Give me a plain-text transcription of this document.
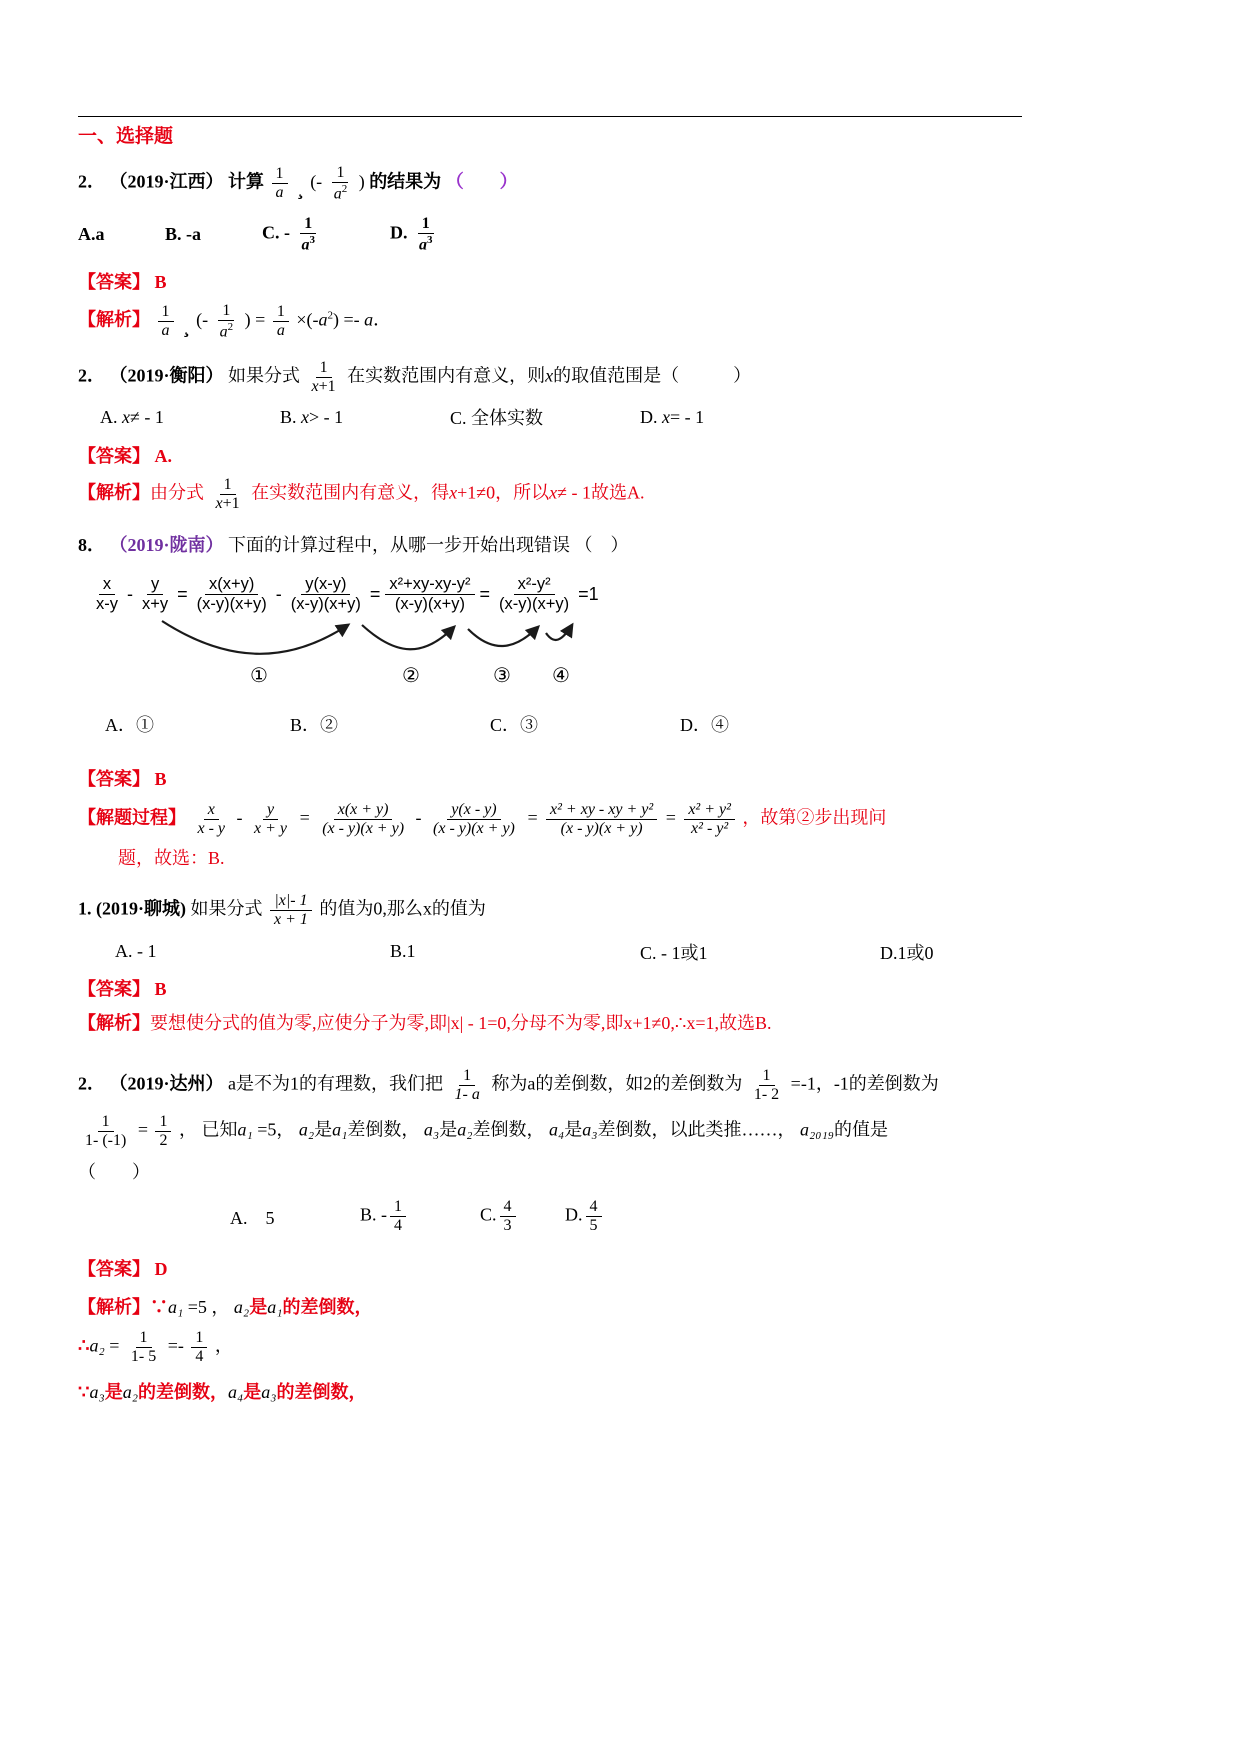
一、选择题
2． （2019·江西） 计算 $\frac{1}{a}$ ¸ (- $\frac{1}{a^2}$ ) 的结果为 （　　）
A.a	B. -a	C. - $\frac{1}{a^3}$	D. $\frac{1}{a^3}$
【答案】 B
【解析】 $\frac{1}{a}$ ¸ (- $\frac{1}{a^2}$ ) = $\frac{1}{a} \times(-a^2) =- a$．
2． （2019·衡阳） 如果分式 $\frac{1}{x+1}$ 在实数范围内有意义，则x的取值范围是（　　　）
A. x≠ - 1	B. x> - 1	C. 全体实数	D. x= - 1
【答案】 A.
【解析】由分式 $\frac{1}{x+1}$ 在实数范围内有意义，得x+1≠0，所以x≠ - 1故选A.
8． （2019·陇南） 下面的计算过程中，从哪一步开始出现错误 （　）
$\frac{x}{x-y} - \frac{y}{x+y} = \frac{x(x+y)}{(x-y)(x+y)} - \frac{y(x-y)}{(x-y)(x+y)} = \frac{\text{x²+xy-xy-y²}}{(x-y)(x+y)} = \frac{\text{x²-y²}}{(x-y)(x+y)} =1$
①	②	③ ④
A．①	B．②	C．③	D．④
【答案】 B
【解题过程】 $\frac{x}{x - y} - \frac{y}{x + y} = \frac{x(x + y)}{(x - y)(x + y)} - \frac{y(x - y)}{(x - y)(x + y)} = \frac{\text{x² + xy - xy + y²}}{(x - y)(x + y)} = \frac{\text{x² + y²}}{\text{x² - y²}}$ ，故第②步出现问
题，故选：B.
1. (2019·聊城) 如果分式 $\frac{|x|- 1}{x + 1}$ 的值为0,那么x的值为
A. - 1	B.1	C. - 1或1	D.1或0
【答案】 B
【解析】要想使分式的值为零,应使分子为零,即|x| - 1=0,分母不为零,即x+1≠0,∴x=1,故选B.
2． （2019·达州） a是不为1的有理数，我们把 $\frac{1}{1- a}$ 称为a的差倒数，如2的差倒数为 $\frac{1}{1- 2} =-1$，-1的差倒数为
$\frac{1}{1- (-1)} = \frac{1}{2}$ ， 已知a₁ =5， a₂是a₁差倒数， a₃是a₂差倒数， a₄是a₃差倒数，以此类推……， a₂₀₁₉的值是
（　　）
A.　 5	B. - $\frac{1}{4}$	C. $\frac{4}{3}$	D. $\frac{4}{5}$
【答案】 D
【解析】∵a₁ =5 ， a₂是a₁的差倒数，
∴a₂ = $\frac{1}{1- 5} =- \frac{1}{4}$ ，
∵a₃是a₂的差倒数，a₄是a₃的差倒数，
